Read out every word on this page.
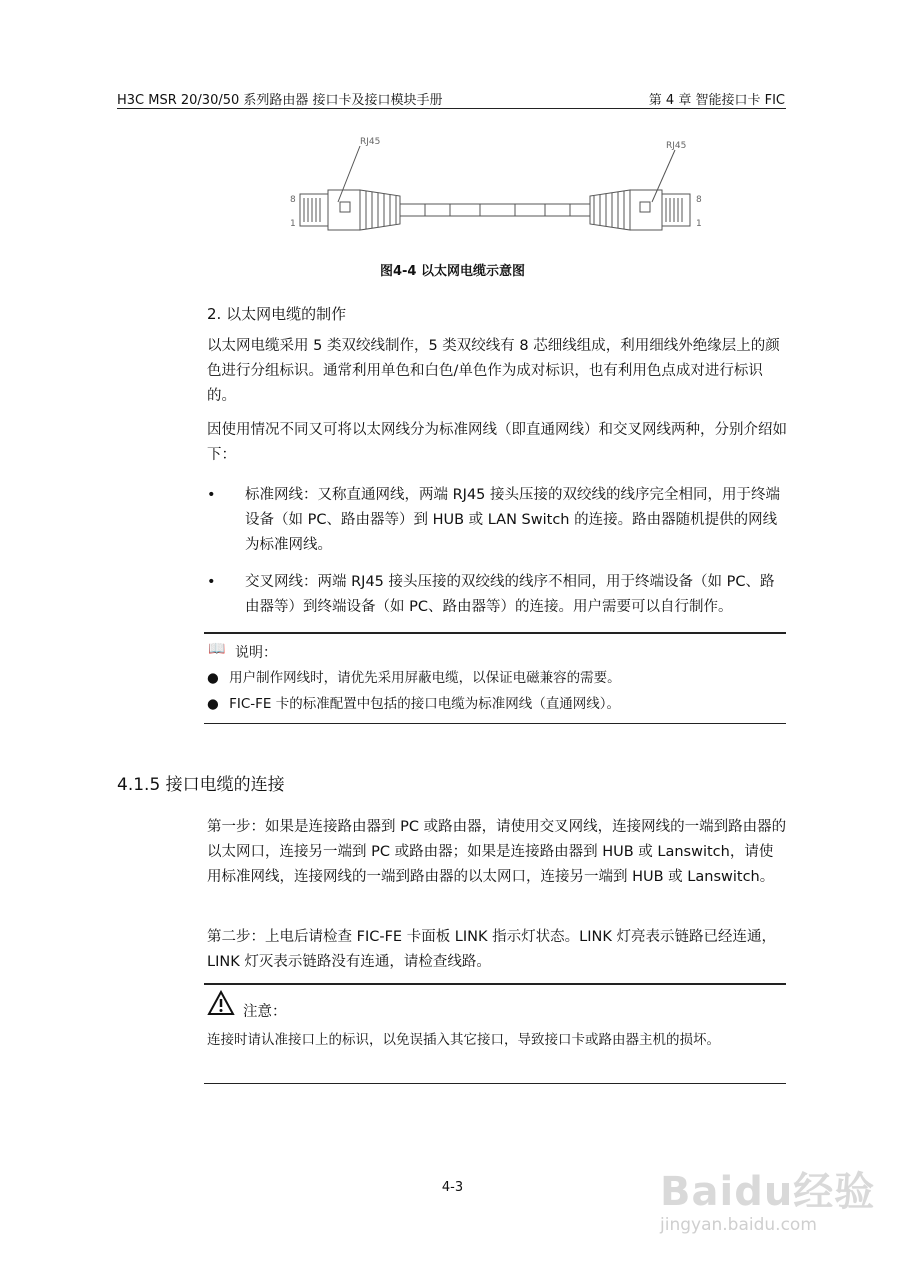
H3C MSR 20/30/50 系列路由器 接口卡及接口模块手册	第 4 章 智能接口卡 FIC
RJ45	RJ45
8
1
8
1
图4-4 以太网电缆示意图
2. 以太网电缆的制作

以太网电缆采用 5 类双绞线制作，5 类双绞线有 8 芯细线组成，利用细线外绝缘层上的颜色进行分组标识。通常利用单色和白色/单色作为成对标识，也有利用色点成对进行标识的。

因使用情况不同又可将以太网线分为标准网线（即直通网线）和交叉网线两种，分别介绍如下：

•	标准网线：又称直通网线，两端 RJ45 接头压接的双绞线的线序完全相同，用于终端设备（如 PC、路由器等）到 HUB 或 LAN Switch 的连接。路由器随机提供的网线为标准网线。
•	交叉网线：两端 RJ45 接头压接的双绞线的线序不相同，用于终端设备（如 PC、路由器等）到终端设备（如 PC、路由器等）的连接。用户需要可以自行制作。
📖 说明：
● 用户制作网线时，请优先采用屏蔽电缆，以保证电磁兼容的需要。
● FIC-FE 卡的标准配置中包括的接口电缆为标准网线（直通网线）。
4.1.5 接口电缆的连接

第一步：如果是连接路由器到 PC 或路由器，请使用交叉网线，连接网线的一端到路由器的以太网口，连接另一端到 PC 或路由器；如果是连接路由器到 HUB 或 Lanswitch，请使用标准网线，连接网线的一端到路由器的以太网口，连接另一端到 HUB 或 Lanswitch。

第二步：上电后请检查 FIC-FE 卡面板 LINK 指示灯状态。LINK 灯亮表示链路已经连通，LINK 灯灭表示链路没有连通，请检查线路。

注意：

连接时请认准接口上的标识，以免误插入其它接口，导致接口卡或路由器主机的损坏。

4-3	Baidu经验
jingyan.baidu.com
